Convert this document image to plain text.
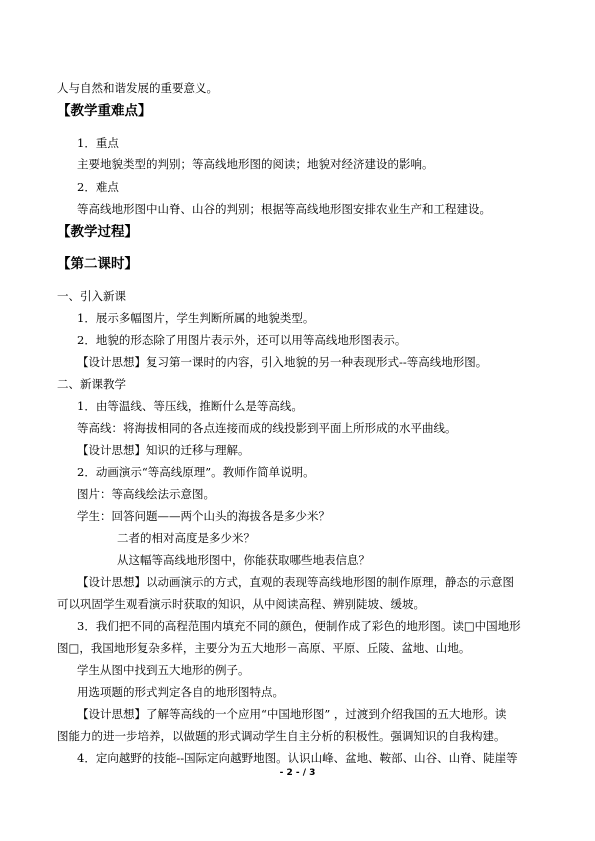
人与自然和谐发展的重要意义。
【教学重难点】
1．重点
主要地貌类型的判别；等高线地形图的阅读；地貌对经济建设的影响。
2．难点
等高线地形图中山脊、山谷的判别；根据等高线地形图安排农业生产和工程建设。
【教学过程】
【第二课时】
一、引入新课
1．展示多幅图片，学生判断所属的地貌类型。
2．地貌的形态除了用图片表示外，还可以用等高线地形图表示。
【设计思想】复习第一课时的内容，引入地貌的另一种表现形式--等高线地形图。
二、新课教学
1．由等温线、等压线，推断什么是等高线。
等高线：将海拔相同的各点连接而成的线投影到平面上所形成的水平曲线。
【设计思想】知识的迁移与理解。
2．动画演示“等高线原理”。教师作简单说明。
图片：等高线绘法示意图。
学生：回答问题——两个山头的海拔各是多少米？
二者的相对高度是多少米？
从这幅等高线地形图中，你能获取哪些地表信息？
【设计思想】以动画演示的方式，直观的表现等高线地形图的制作原理，静态的示意图
可以巩固学生观看演示时获取的知识，从中阅读高程、辨别陡坡、缓坡。
3．我们把不同的高程范围内填充不同的颜色，便制作成了彩色的地形图。读□中国地形
图□，我国地形复杂多样，主要分为五大地形－高原、平原、丘陵、盆地、山地。
学生从图中找到五大地形的例子。
用选项题的形式判定各自的地形图特点。
【设计思想】了解等高线的一个应用“中国地形图” ，过渡到介绍我国的五大地形。读
图能力的进一步培养，以做题的形式调动学生自主分析的积极性。强调知识的自我构建。
4．定向越野的技能--国际定向越野地图。认识山峰、盆地、鞍部、山谷、山脊、陡崖等
- 2 - / 3
